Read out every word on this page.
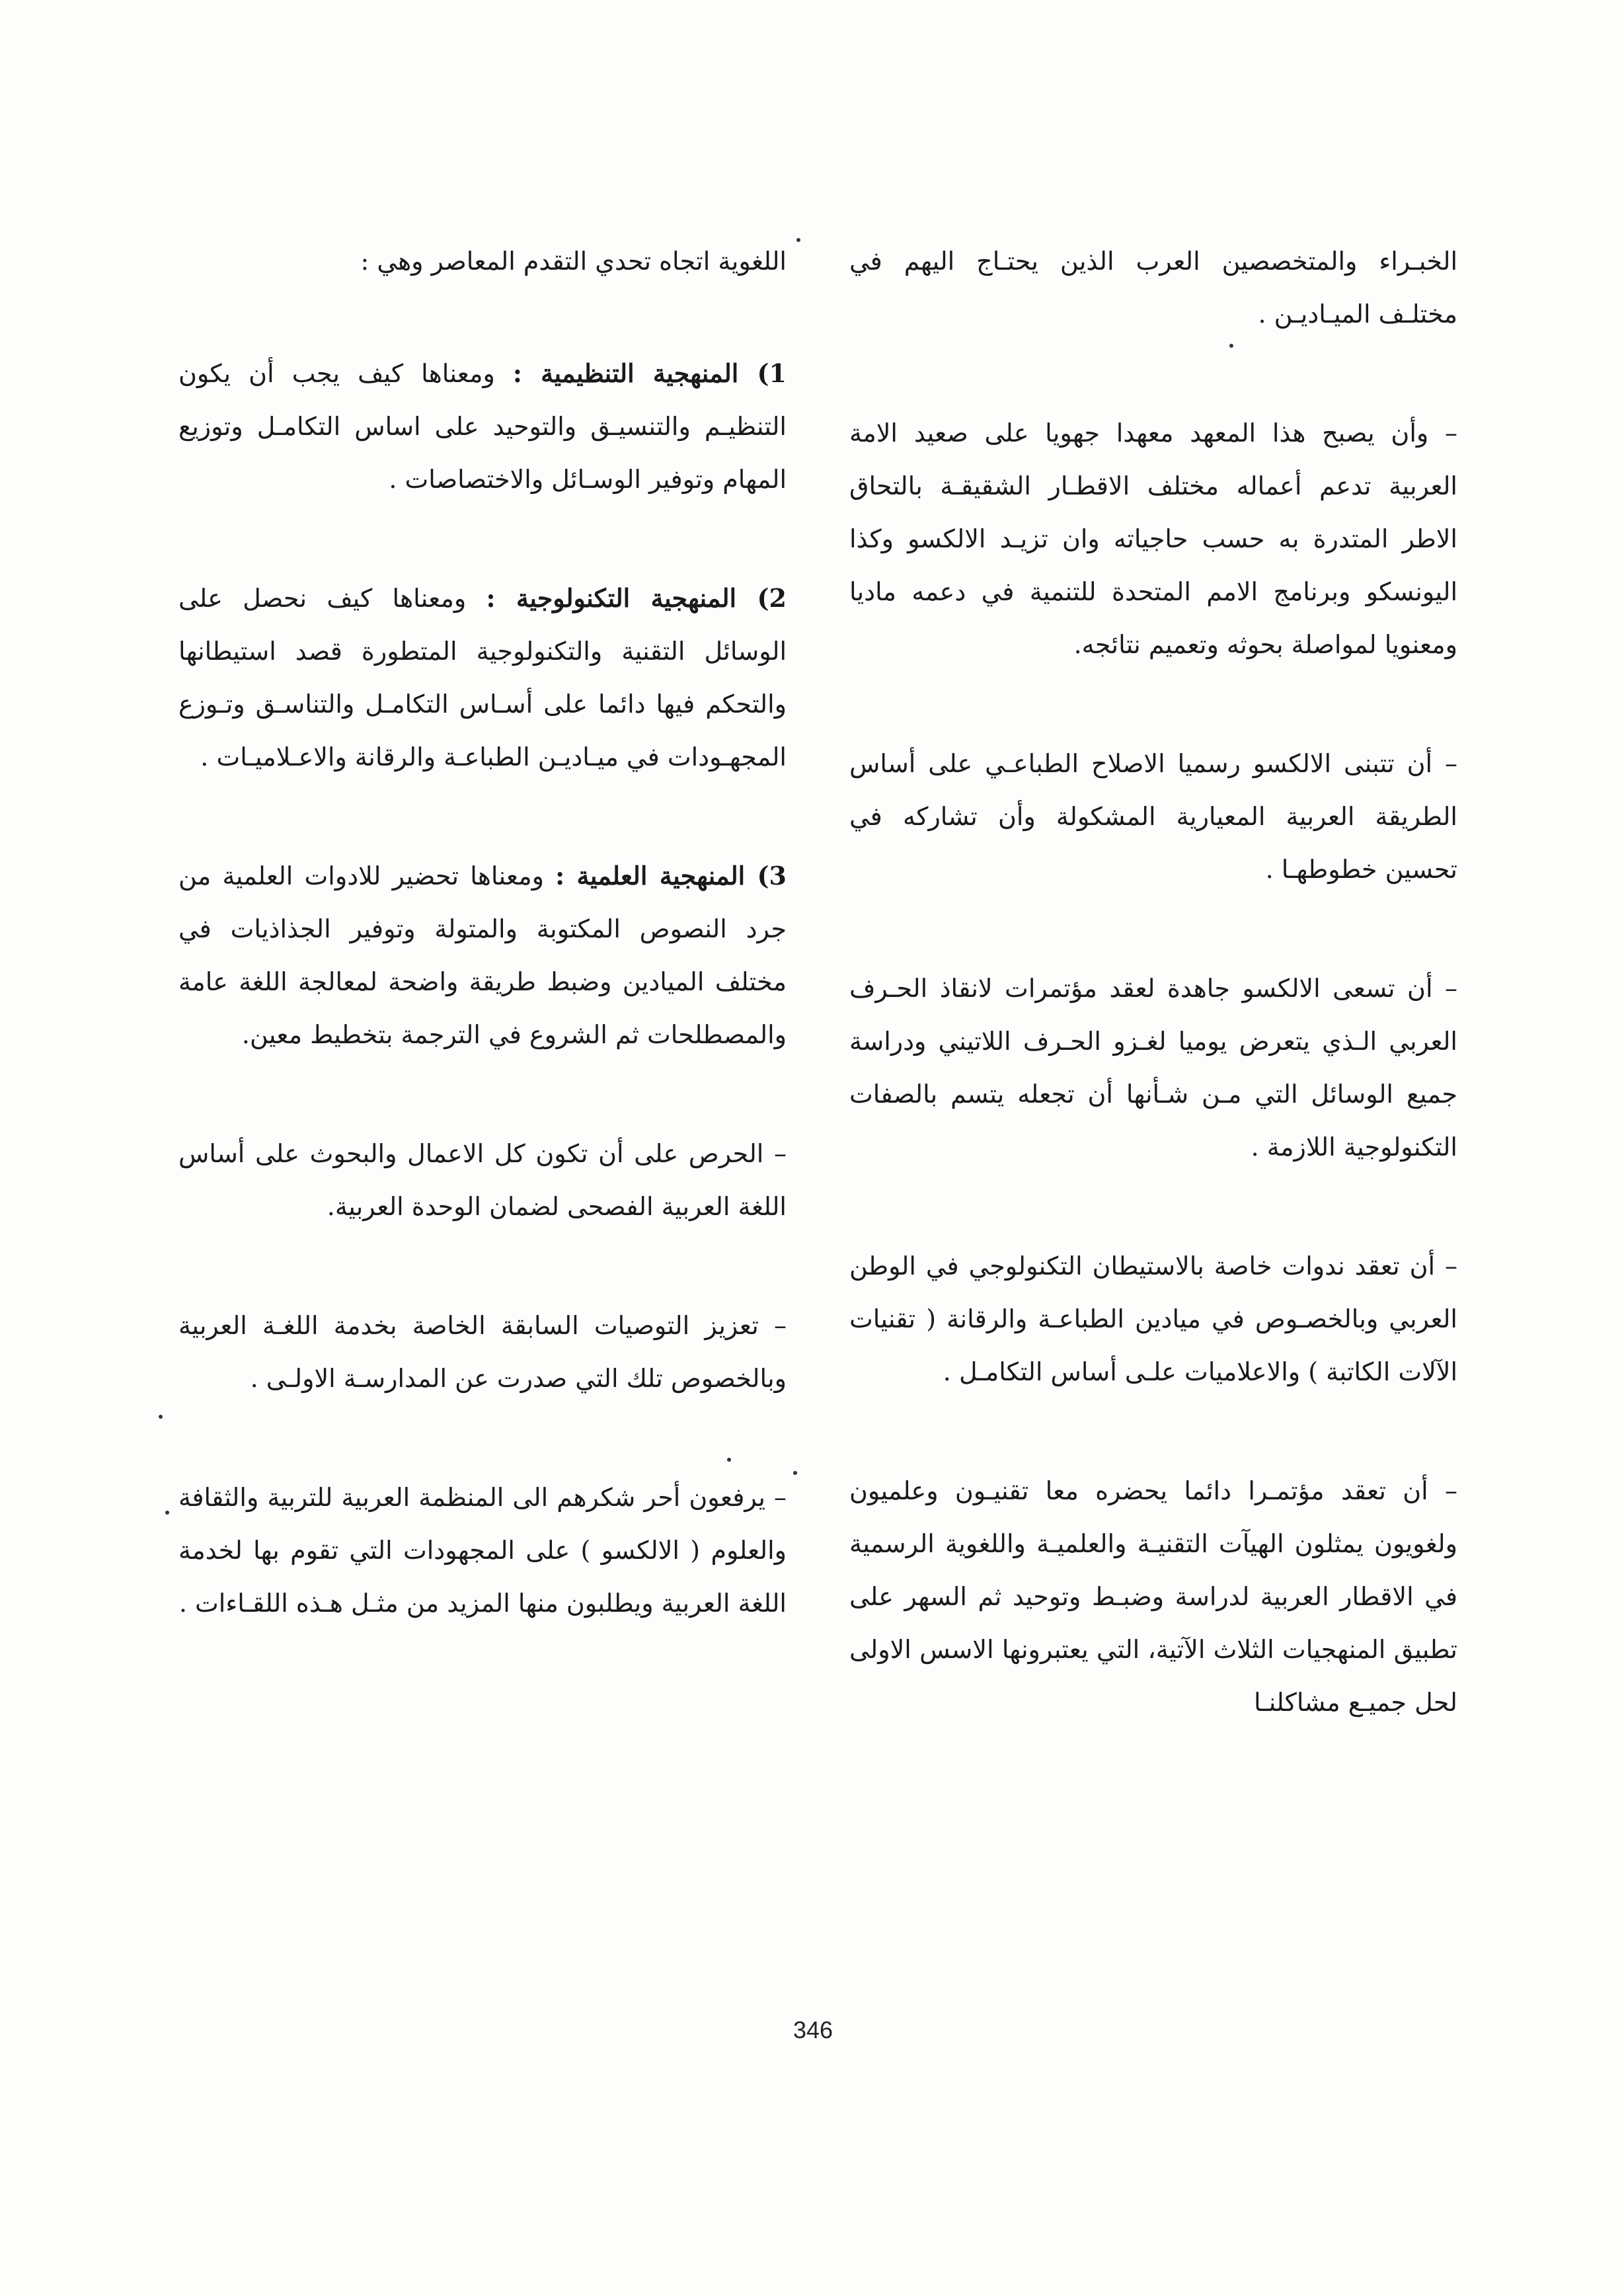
الخبـراء والمتخصصين العرب الذين يحتـاج اليهم في مختلـف الميـاديـن .

– وأن يصبح هذا المعهد معهدا جهويا على صعيد الامة العربية تدعم أعماله مختلف الاقطـار الشقيقـة بالتحاق الاطر المتدرة به حسب حاجياته وان تزيـد الالكسو وكذا اليونسكو وبرنامج الامم المتحدة للتنمية في دعمه ماديا ومعنويا لمواصلة بحوثه وتعميم نتائجه.

– أن تتبنى الالكسو رسميا الاصلاح الطباعـي على أساس الطريقة العربية المعيارية المشكولة وأن تشاركه في تحسين خطوطهـا .

– أن تسعى الالكسو جاهدة لعقد مؤتمرات لانقاذ الحـرف العربي الـذي يتعرض يوميا لغـزو الحـرف اللاتيني ودراسة جميع الوسائل التي مـن شـأنها أن تجعله يتسم بالصفات التكنولوجية اللازمة .

– أن تعقد ندوات خاصة بالاستيطان التكنولوجي في الوطن العربي وبالخصـوص في ميادين الطباعـة والرقانة ( تقنيات الآلات الكاتبة ) والاعلاميات علـى أساس التكامـل .

– أن تعقد مؤتمـرا دائما يحضره معا تقنيـون وعلميون ولغويون يمثلون الهيآت التقنيـة والعلميـة واللغوية الرسمية في الاقطار العربية لدراسة وضبـط وتوحيد ثم السهر على تطبيق المنهجيات الثلاث الآتية، التي يعتبرونها الاسس الاولى لحل جميـع مشاكلنـا

اللغوية اتجاه تحدي التقدم المعاصر وهي :

1) المنهجية التنظيمية : ومعناها كيف يجب أن يكون التنظيـم والتنسيـق والتوحيد على اساس التكامـل وتوزيع المهام وتوفير الوسـائل والاختصاصات .

2) المنهجية التكنولوجية : ومعناها كيف نحصل على الوسائل التقنية والتكنولوجية المتطورة قصد استيطانها والتحكم فيها دائما على أسـاس التكامـل والتناسـق وتـوزع المجهـودات في ميـاديـن الطباعـة والرقانة والاعـلاميـات .

3) المنهجية العلمية : ومعناها تحضير للادوات العلمية من جرد النصوص المكتوبة والمتولة وتوفير الجذاذيات في مختلف الميادين وضبط طريقة واضحة لمعالجة اللغة عامة والمصطلحات ثم الشروع في الترجمة بتخطيط معين.

– الحرص على أن تكون كل الاعمال والبحوث على أساس اللغة العربية الفصحى لضمان الوحدة العربية.

– تعزيز التوصيات السابقة الخاصة بخدمة اللغـة العربية وبالخصوص تلك التي صدرت عن المدارسـة الاولـى .

– يرفعون أحر شكرهم الى المنظمة العربية للتربية والثقافة والعلوم ( الالكسو ) على المجهودات التي تقوم بها لخدمة اللغة العربية ويطلبون منها المزيد من مثـل هـذه اللقـاءات .

346
